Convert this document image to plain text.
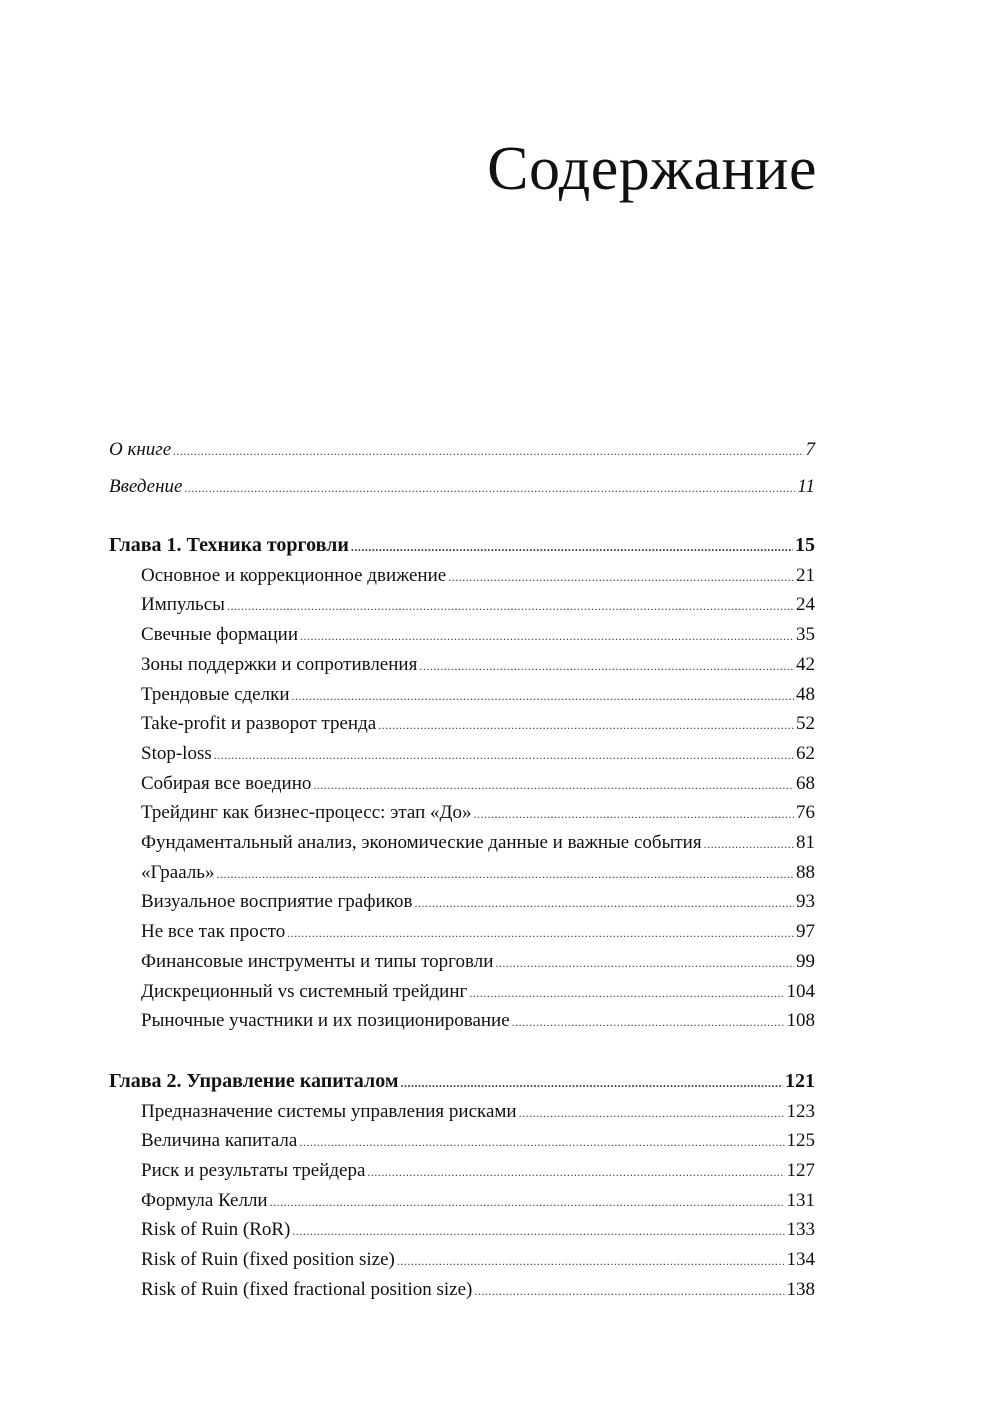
Содержание
О книге .....	7
Введение .....	11
Глава 1. Техника торговли .....	15
Основное и коррекционное движение .....	21
Импульсы .....	24
Свечные формации .....	35
Зоны поддержки и сопротивления .....	42
Трендовые сделки .....	48
Take-profit и разворот тренда .....	52
Stop-loss .....	62
Собирая все воедино .....	68
Трейдинг как бизнес-процесс: этап «До» .....	76
Фундаментальный анализ, экономические данные и важные события .....	81
«Грааль» .....	88
Визуальное восприятие графиков .....	93
Не все так просто .....	97
Финансовые инструменты и типы торговли .....	99
Дискреционный vs системный трейдинг .....	104
Рыночные участники и их позиционирование .....	108
Глава 2. Управление капиталом .....	121
Предназначение системы управления рисками .....	123
Величина капитала .....	125
Риск и результаты трейдера .....	127
Формула Келли .....	131
Risk of Ruin (RoR) .....	133
Risk of Ruin (fixed position size) .....	134
Risk of Ruin (fixed fractional position size) .....	138
